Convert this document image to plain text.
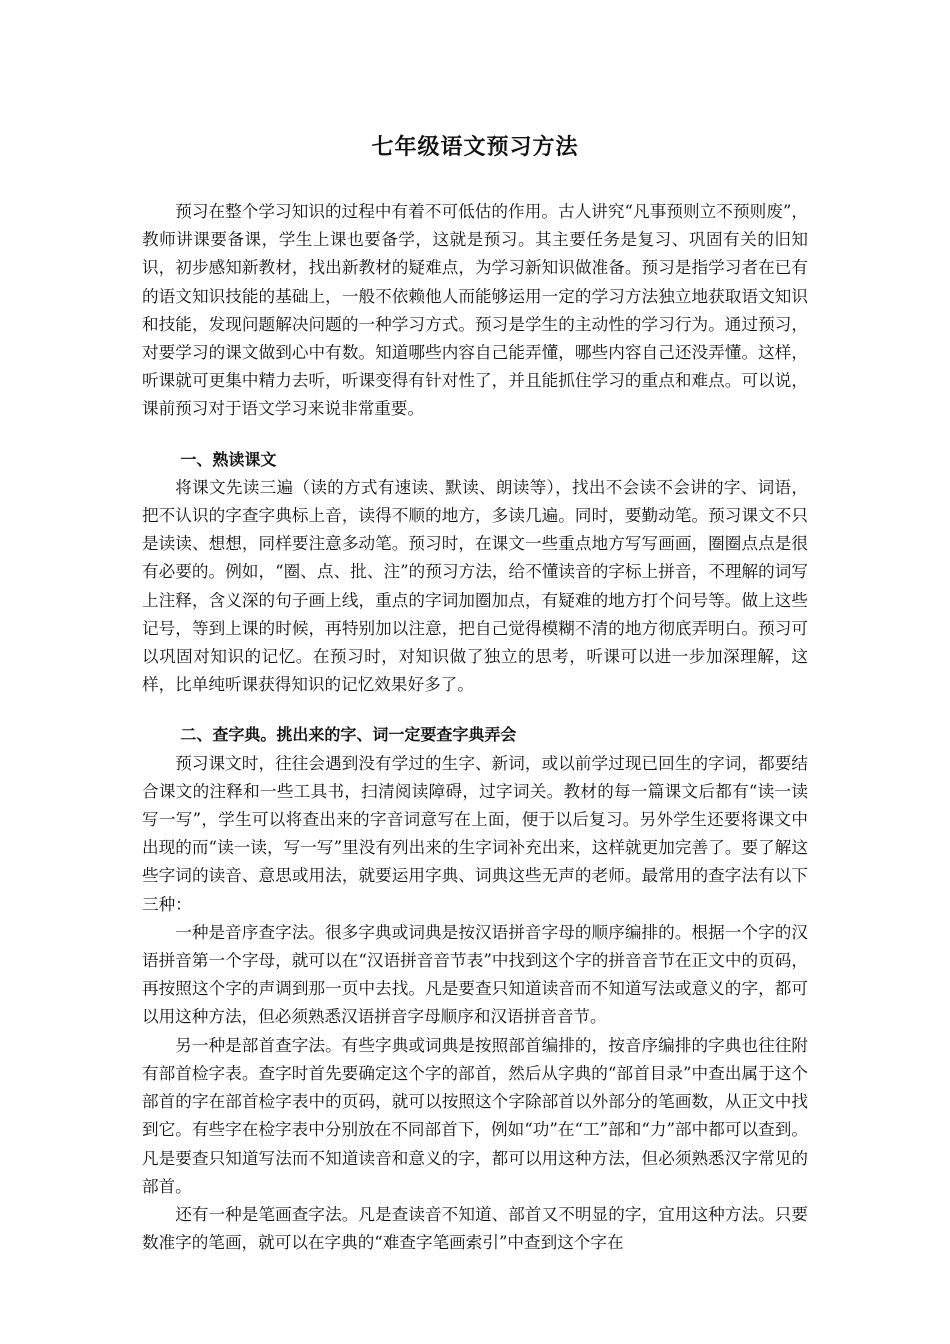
七年级语文预习方法

预习在整个学习知识的过程中有着不可低估的作用。古人讲究“凡事预则立不预则废”，教师讲课要备课，学生上课也要备学，这就是预习。其主要任务是复习、巩固有关的旧知识，初步感知新教材，找出新教材的疑难点，为学习新知识做准备。预习是指学习者在已有的语文知识技能的基础上，一般不依赖他人而能够运用一定的学习方法独立地获取语文知识和技能，发现问题解决问题的一种学习方式。预习是学生的主动性的学习行为。通过预习，对要学习的课文做到心中有数。知道哪些内容自己能弄懂，哪些内容自己还没弄懂。这样，听课就可更集中精力去听，听课变得有针对性了，并且能抓住学习的重点和难点。可以说，课前预习对于语文学习来说非常重要。

一、熟读课文

将课文先读三遍（读的方式有速读、默读、朗读等），找出不会读不会讲的字、词语，把不认识的字查字典标上音，读得不顺的地方，多读几遍。同时，要勤动笔。预习课文不只是读读、想想，同样要注意多动笔。预习时，在课文一些重点地方写写画画，圈圈点点是很有必要的。例如，“圈、点、批、注”的预习方法，给不懂读音的字标上拼音，不理解的词写上注释，含义深的句子画上线，重点的字词加圈加点，有疑难的地方打个问号等。做上这些记号，等到上课的时候，再特别加以注意，把自己觉得模糊不清的地方彻底弄明白。预习可以巩固对知识的记忆。在预习时，对知识做了独立的思考，听课可以进一步加深理解，这样，比单纯听课获得知识的记忆效果好多了。

二、查字典。挑出来的字、词一定要查字典弄会

预习课文时，往往会遇到没有学过的生字、新词，或以前学过现已回生的字词，都要结合课文的注释和一些工具书，扫清阅读障碍，过字词关。教材的每一篇课文后都有“读一读 写一写”，学生可以将查出来的字音词意写在上面，便于以后复习。另外学生还要将课文中出现的而“读一读，写一写”里没有列出来的生字词补充出来，这样就更加完善了。要了解这些字词的读音、意思或用法，就要运用字典、词典这些无声的老师。最常用的查字法有以下三种：

一种是音序查字法。很多字典或词典是按汉语拼音字母的顺序编排的。根据一个字的汉语拼音第一个字母，就可以在“汉语拼音音节表”中找到这个字的拼音音节在正文中的页码，再按照这个字的声调到那一页中去找。凡是要查只知道读音而不知道写法或意义的字，都可以用这种方法，但必须熟悉汉语拼音字母顺序和汉语拼音音节。

另一种是部首查字法。有些字典或词典是按照部首编排的，按音序编排的字典也往往附有部首检字表。查字时首先要确定这个字的部首，然后从字典的“部首目录”中查出属于这个部首的字在部首检字表中的页码，就可以按照这个字除部首以外部分的笔画数，从正文中找到它。有些字在检字表中分别放在不同部首下，例如“功”在“工”部和“力”部中都可以查到。凡是要查只知道写法而不知道读音和意义的字，都可以用这种方法，但必须熟悉汉字常见的部首。

还有一种是笔画查字法。凡是查读音不知道、部首又不明显的字，宜用这种方法。只要数准字的笔画，就可以在字典的“难查字笔画索引”中查到这个字在
